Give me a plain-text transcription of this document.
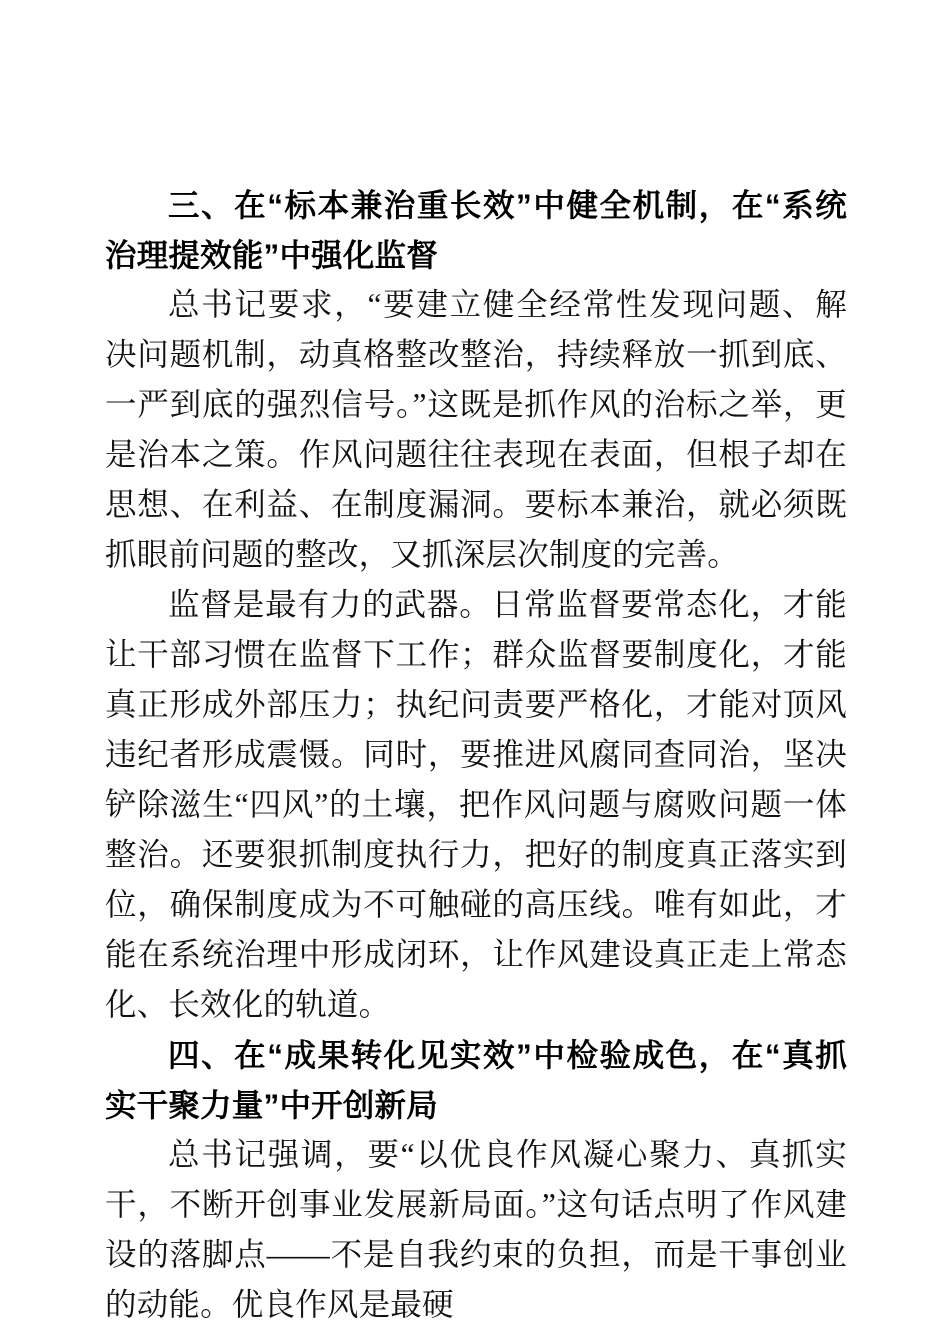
三、在“标本兼治重长效”中健全机制，在“系统治理提效能”中强化监督

总书记要求，“要建立健全经常性发现问题、解决问题机制，动真格整改整治，持续释放一抓到底、一严到底的强烈信号。”这既是抓作风的治标之举，更是治本之策。作风问题往往表现在表面，但根子却在思想、在利益、在制度漏洞。要标本兼治，就必须既抓眼前问题的整改，又抓深层次制度的完善。

监督是最有力的武器。日常监督要常态化，才能让干部习惯在监督下工作；群众监督要制度化，才能真正形成外部压力；执纪问责要严格化，才能对顶风违纪者形成震慑。同时，要推进风腐同查同治，坚决铲除滋生“四风”的土壤，把作风问题与腐败问题一体整治。还要狠抓制度执行力，把好的制度真正落实到位，确保制度成为不可触碰的高压线。唯有如此，才能在系统治理中形成闭环，让作风建设真正走上常态化、长效化的轨道。

四、在“成果转化见实效”中检验成色，在“真抓实干聚力量”中开创新局

总书记强调，要“以优良作风凝心聚力、真抓实干，不断开创事业发展新局面。”这句话点明了作风建设的落脚点——不是自我约束的负担，而是干事创业的动能。优良作风是最硬
